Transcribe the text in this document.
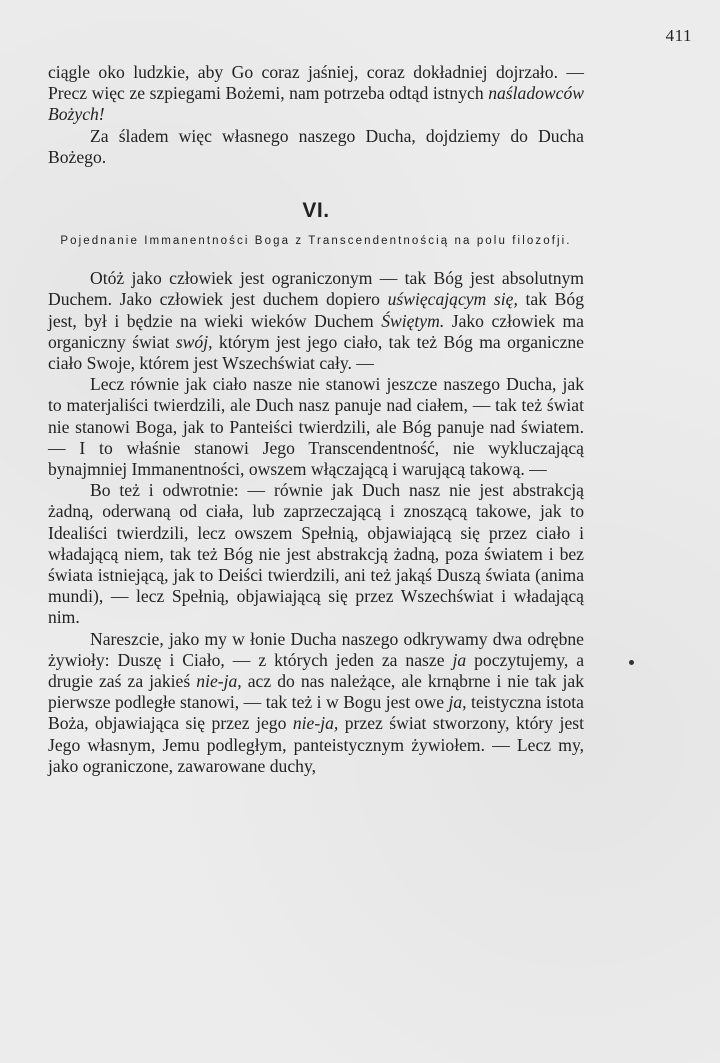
411

ciągle oko ludzkie, aby Go coraz jaśniej, coraz dokładniej dojrzało. — Precz więc ze szpiegami Bożemi, nam potrzeba odtąd istnych naśladowców Bożych!

Za śladem więc własnego naszego Ducha, dojdziemy do Ducha Bożego.

VI.
Pojednanie Immanentności Boga z Transcendentnością na polu filozofji.

Otóż jako człowiek jest ograniczonym — tak Bóg jest absolutnym Duchem. Jako człowiek jest duchem dopiero uświęcającym się, tak Bóg jest, był i będzie na wieki wieków Duchem Świętym. Jako człowiek ma organiczny świat swój, którym jest jego ciało, tak też Bóg ma organiczne ciało Swoje, którem jest Wszechświat cały. —

Lecz równie jak ciało nasze nie stanowi jeszcze naszego Ducha, jak to materjaliści twierdzili, ale Duch nasz panuje nad ciałem, — tak też świat nie stanowi Boga, jak to Panteiści twierdzili, ale Bóg panuje nad światem. — I to właśnie stanowi Jego Transcendentność, nie wykluczającą bynajmniej Immanentności, owszem włączającą i warującą takową. —

Bo też i odwrotnie: — równie jak Duch nasz nie jest abstrakcją żadną, oderwaną od ciała, lub zaprzeczającą i znoszącą takowe, jak to Idealiści twierdzili, lecz owszem Spełnią, objawiającą się przez ciało i władającą niem, tak też Bóg nie jest abstrakcją żadną, poza światem i bez świata istniejącą, jak to Deiści twierdzili, ani też jakąś Duszą świata (anima mundi), — lecz Spełnią, objawiającą się przez Wszechświat i władającą nim.

Nareszcie, jako my w łonie Ducha naszego odkrywamy dwa odrębne żywioły: Duszę i Ciało, — z których jeden za nasze ja poczytujemy, a drugie zaś za jakieś nie-ja, acz do nas należące, ale krnąbrne i nie tak jak pierwsze podległe stanowi, — tak też i w Bogu jest owe ja, teistyczna istota Boża, objawiająca się przez jego nie-ja, przez świat stworzony, który jest Jego własnym, Jemu podległym, panteistycznym żywiołem. — Lecz my, jako ograniczone, zawarowane duchy,
